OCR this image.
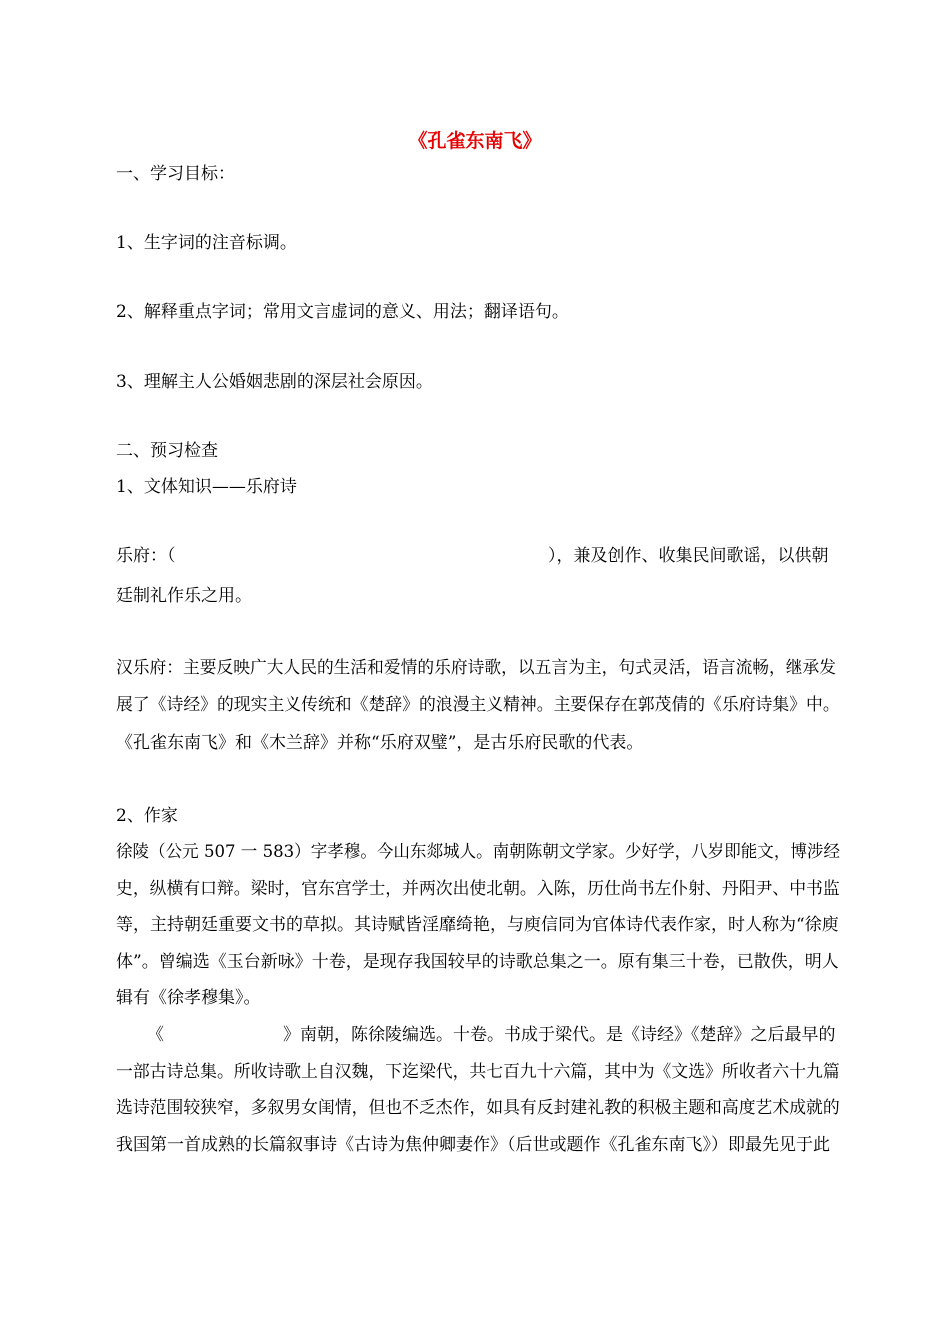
《孔雀东南飞》
一、学习目标：
1、生字词的注音标调。
2、解释重点字词；常用文言虚词的意义、用法；翻译语句。
3、理解主人公婚姻悲剧的深层社会原因。
二、预习检查
1、文体知识——乐府诗
乐府：（	），兼及创作、收集民间歌谣，以供朝
廷制礼作乐之用。
汉乐府：主要反映广大人民的生活和爱情的乐府诗歌，以五言为主，句式灵活，语言流畅，继承发
展了《诗经》的现实主义传统和《楚辞》的浪漫主义精神。主要保存在郭茂倩的《乐府诗集》中。
《孔雀东南飞》和《木兰辞》并称“乐府双璧”，是古乐府民歌的代表。
2、作家
徐陵（公元 507 一 583）字孝穆。今山东郯城人。南朝陈朝文学家。少好学，八岁即能文，博涉经
史，纵横有口辩。梁时，官东宫学士，并两次出使北朝。入陈，历仕尚书左仆射、丹阳尹、中书监
等，主持朝廷重要文书的草拟。其诗赋皆淫靡绮艳，与庾信同为官体诗代表作家，时人称为“徐庾
体”。曾编选《玉台新咏》十卷，是现存我国较早的诗歌总集之一。原有集三十卷，已散佚，明人
辑有《徐孝穆集》。
《	》南朝，陈徐陵编选。十卷。书成于梁代。是《诗经》《楚辞》之后最早的
一部古诗总集。所收诗歌上自汉魏，下迄梁代，共七百九十六篇，其中为《文选》所收者六十九篇
选诗范围较狭窄，多叙男女闺情，但也不乏杰作，如具有反封建礼教的积极主题和高度艺术成就的
我国第一首成熟的长篇叙事诗《古诗为焦仲卿妻作》（后世或题作《孔雀东南飞》）即最先见于此
